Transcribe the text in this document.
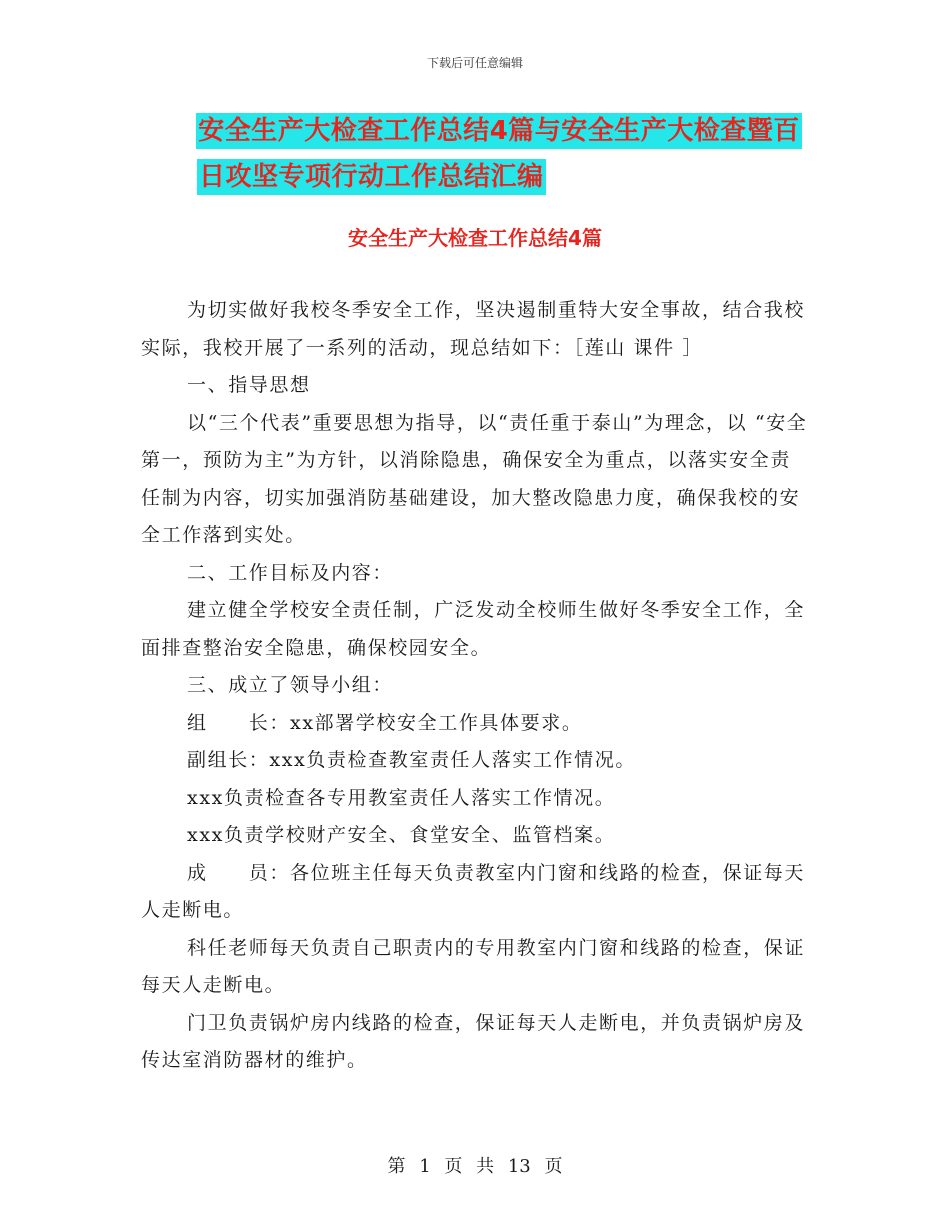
下载后可任意编辑
安全生产大检查工作总结4篇与安全生产大检查暨百
日攻坚专项行动工作总结汇编
安全生产大检查工作总结4篇

为切实做好我校冬季安全工作，坚决遏制重特大安全事故，结合我校实际，我校开展了一系列的活动，现总结如下：［莲山 课件 ］

一、指导思想

以“三个代表”重要思想为指导，以“责任重于泰山”为理念，以 “安全第一，预防为主”为方针，以消除隐患，确保安全为重点，以落实安全责任制为内容，切实加强消防基础建设，加大整改隐患力度，确保我校的安全工作落到实处。

二、工作目标及内容：

建立健全学校安全责任制，广泛发动全校师生做好冬季安全工作，全面排查整治安全隐患，确保校园安全。

三、成立了领导小组：

组　　长：xx部署学校安全工作具体要求。

副组长：xxx负责检查教室责任人落实工作情况。

xxx负责检查各专用教室责任人落实工作情况。

xxx负责学校财产安全、食堂安全、监管档案。

成　　员：各位班主任每天负责教室内门窗和线路的检查，保证每天人走断电。

科任老师每天负责自己职责内的专用教室内门窗和线路的检查，保证每天人走断电。

门卫负责锅炉房内线路的检查，保证每天人走断电，并负责锅炉房及传达室消防器材的维护。

第 1 页 共 13 页
